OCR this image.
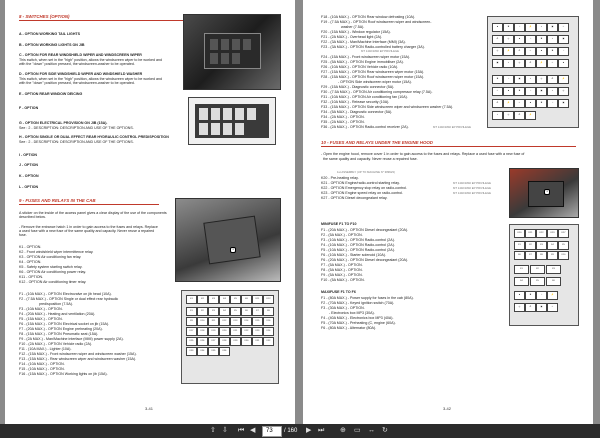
8 - SWITCHES (OPTION)
A - OPTION WORKING TAIL LIGHTS
B - OPTION WORKING LIGHTS ON JIB
C - OPTION FOR REAR WINDSHIELD WIPER AND WINDSCREEN WIPER
This switch, when set in the "high" position, allows the windscreen wiper to be worked and
with the "down" position pressed, the windscreen-washer to be operated.
D - OPTION FOR SIDE WINDSHIELD WIPER AND WINDSHIELD WASHER
This switch, when set in the "high" position, allows the windscreen wiper to be worked and
with the "down" position pressed, the windscreen-washer to be operated.
E - OPTION REAR WINDOW DEICING
F - OPTION
G - OPTION ELECTRICAL PROVISION ON JIB (15A).
See : 2 - DESCRIPTION: DESCRIPTION AND USE OF THE OPTIONS.
H - OPTION SINGLE OR DUAL EFFECT REAR HYDRAULIC CONTROL PREDISPOSITION
See : 2 - DESCRIPTION: DESCRIPTION AND USE OF THE OPTIONS.
I - OPTION
J - OPTION
K - OPTION
L - OPTION
9 - FUSES AND RELAYS IN THE CAB
A sticker on the inside of the access panel gives a clear display of the use of the components
described below.
- Remove the entrance hatch 1 in order to gain access to the fuses and relays. Replace
a used fuse with a new fuse of the same quality and capacity. Never reuse a repaired
fuse.
K1 - OPTION.
K2 - Front windshield wiper intermittence relay.
K3 - OPTION Air conditioning fan relay.
K4 - OPTION.
K5 - Safety system starting switch relay.
K6 - OPTION Air conditioning power relay.
K11 - OPTION.
K12 - OPTION Air conditioning timer relay.
F1 - (10A MAX.) - OPTION Electrovalve on jib head (10A).
F2 - (7.5A MAX.) - OPTION Single or dual effect rear hydraulic
predisposition (7.5A).
F3 - (10A MAX.) - OPTION.
F4 - (20A MAX.) - Heating and ventilation (20A).
F5 - (15A MAX.) - OPTION.
F6 - (15A MAX.) - OPTION Electrical socket on jib (15A).
F7 - (20A MAX.) - OPTION Engine preheating (20A).
F8 - (15A MAX.) - OPTION Pneumatic seat (15A).
F9 - (2A MAX.) - Man/Machine interface (MMI) power supply (2A).
F10 - (2A MAX.) - OPTION Vehicle radio (2A).
F11 - (10A MAX.) - Lighter (10A).
F12 - (15A MAX.) - Front windscreen wiper and windscreen washer (15A).
F13 - (15A MAX.) - Rear windscreen wiper and windscreen washer (15A).
F14 - (10A MAX.) - OPTION.
F15 - (10A MAX.) - OPTION.
F16 - (15A MAX.) - OPTION Working lights on jib (15A).
1
K1	K2	K3	K4	K5	K6	K11	K12
F1	F2	F3	F4	F5	F6	F7	F8
F9	F10	F11	F12	F13	F14	F15	F16
F17	F18	F19	F20	F21	F22	F23	F24
F25	F26	F27	F28	F29	F30	F31	F32
F33	F34	F35	F36
3-41
F18 - (10A MAX.) - OPTION Rear window defrosting (10A).
F19 - (7.5A MAX.) - OPTION Roof windscreen wiper and windscreen-
washer (7.5A).
F20 - (15A MAX.) - Window regulator (15A).
F21 - (2A MAX.) - Overhead light (2A).
F22 - (3A MAX.) - Man/Machine Interface (MMI) (3A).
F23 - (3A MAX.) - OPTION Radio-controlled battery charger (3A).
MT 1440/1840 EP PRIVILEGE
F24 - (15A MAX.) - Front windscreen wiper motor (15A).
F25 - (5A MAX.) - OPTION Engine immobiliser (2A).
F26 - (10A MAX.) - OPTION Vehicle radio (10A).
F27 - (15A MAX.) - OPTION Rear windscreen wiper motor (15A).
F28 - (15A MAX.) - OPTION Roof windscreen wiper motor (15A).
- OPTION Side windscreen wiper motor (15A).
F29 - (15A MAX.) - Diagnostic connector (5A).
F30 - (7.5A MAX.) - OPTION Air conditioning compressor relay (7.5A).
F31 - (10A MAX.) - OPTION Air conditioning fan (10A).
F32 - (10A MAX.) - Release security (10A).
F33 - (15A MAX.) - OPTION Side windscreen wiper and windscreen washer (7.5A).
F34 - (5A MAX.) - Diagnostic connector (5A).
F34 - (2A MAX.) - OPTION.
F35 - (2A MAX.) - OPTION.
F36 - (2A MAX.) - OPTION Radio-control receiver (2A).	MT 1440/1840 EP PRIVILEGE
▲	✱	☼	⚡	◐	▣	♨
⚙	◎	▲	☼	✱	◐	▣
◎	⚡	⚙	♨	▲	✱	☼
▣	◐	◎	⚙	⚡	♨	▲
✱	☼	▣	◐	◎	⚙	⚡
♨	▲	✱	☼	▣	◐	◎
⚙	⚡	♨	▲	✱	☼	▣
◐	◎	⚙	⚡
10 - FUSES AND RELAYS UNDER THE ENGINE HOOD
- Open the engine hood, remove cover 1 in order to gain access to the fuses and relays. Replace a used fuse with a new fuse of
the same quality and capacity. Never reuse a repaired fuse.
1st ASSEMBLY (UP TO MACHINE N° 389923)
K20 - Pre-heating relay.
K21 - OPTION Engine/radio-control starting relay.	MT 1440/1840 EP PRIVILEGE
K22 - OPTION Emergency stop relay on radio-control.	MT 1440/1840 EP PRIVILEGE
K23 - OPTION Engine speed relay on radio-control.	MT 1440/1840 EP PRIVILEGE
K27 - OPTION Diesel decongealant relay.
MINIFUSE F1 TO F10
F1 - (20A MAX.) - OPTION Diesel decongealant (20A).
F2 - (5A MAX.) - OPTION.
F3 - (10A MAX.) - OPTION Radio-control (2A).
F4 - (10A MAX.) - OPTION Radio-control (2A).
F5 - (10A MAX.) - OPTION Radio-control (2A).
F6 - (10A MAX.) - Starter solenoid (10A).
F6 - (20A MAX.) - OPTION Diesel decongealant (20A).
F7 - (5A MAX.) - OPTION.
F8 - (5A MAX.) - OPTION.
F9 - (5A MAX.) - OPTION.
F10 - (5A MAX.) - OPTION.
MAXIFUSE F1 TO F6
F1 - (80A MAX.) - Power supply for fuses in the cab (80A).
F2 - (70A MAX.) - Keyed ignition switch (70A).
F3 - (30A MAX.) - OPTION.
- Electronics box MP3 (30A).
F4 - (40A MAX.) - Electronics box MP3 (40A).
F5 - (70A MAX.) - Preheating (C, engine (60A).
F6 - (80A MAX.) - Alternator (80A).
1
K20	K21	K22	K23	K27
F1	F2	F3	F4	F5
F6	F7	F8	F9	F10
F1	F2	F3
F4	F5	F6
▲	✱	☼	⚡
◎	⚙	▣	♨
3-42
⇧ ⇩ ⏮ ◀	73	/ 160 ▶ ⏭ ⊕ ▭ ↔ ↻
